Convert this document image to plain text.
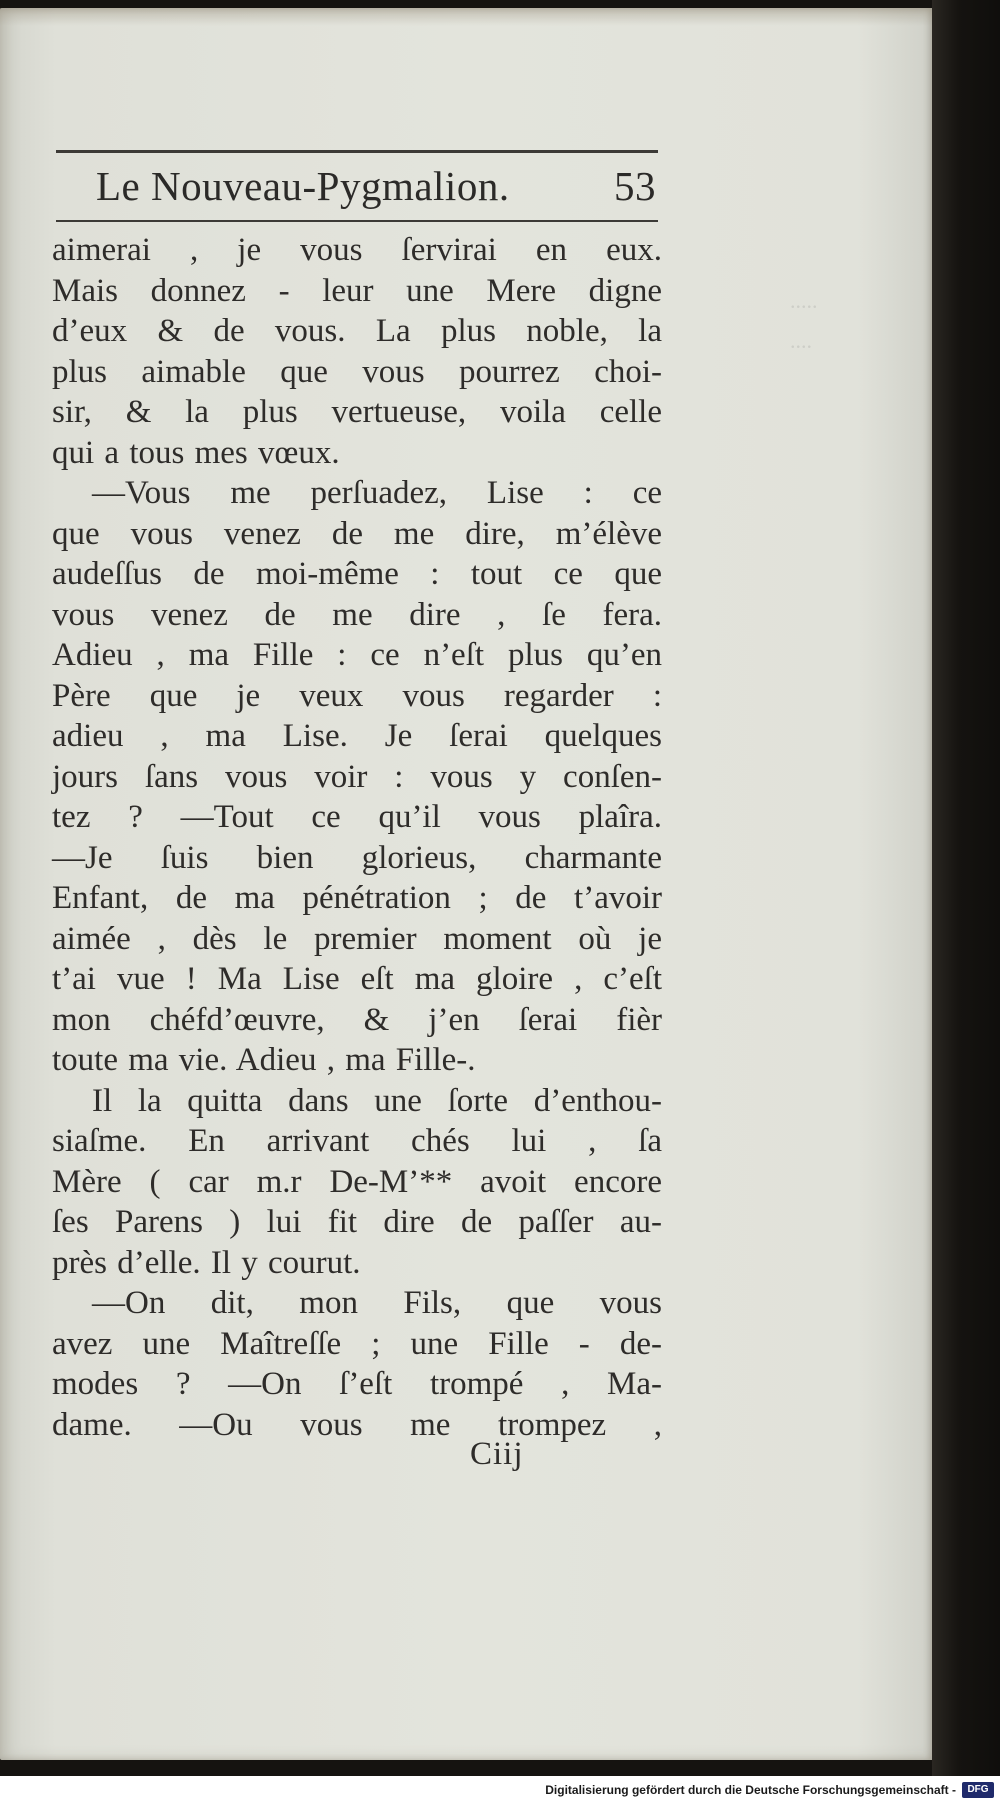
.....
....
Le Nouveau-Pygmalion.	53
aimerai , je vous ſervirai en eux.
Mais donnez - leur une Mere digne
d’eux & de vous. La plus noble, la
plus aimable que vous pourrez choi-
sir, & la plus vertueuse, voila celle
qui a tous mes vœux.
—Vous me perſuadez, Lise : ce
que vous venez de me dire, m’élève
audeſſus de moi-même : tout ce que
vous venez de me dire , ſe fera.
Adieu , ma Fille : ce n’eſt plus qu’en
Père que je veux vous regarder :
adieu , ma Lise. Je ſerai quelques
jours ſans vous voir : vous y conſen-
tez ? —Tout ce qu’il vous plaîra.
—Je ſuis bien glorieus, charmante
Enfant, de ma pénétration ; de t’avoir
aimée , dès le premier moment où je
t’ai vue ! Ma Lise eſt ma gloire , c’eſt
mon chéfd’œuvre, & j’en ſerai fièr
toute ma vie. Adieu , ma Fille-.
Il la quitta dans une ſorte d’enthou-
siaſme. En arrivant chés lui , ſa
Mère ( car m.r De-M’** avoit encore
ſes Parens ) lui fit dire de paſſer au-
près d’elle. Il y courut.
—On dit, mon Fils, que vous
avez une Maîtreſſe ; une Fille - de-
modes ? —On ſ’eſt trompé , Ma-
dame. —Ou vous me trompez ,
Ciij
Digitalisierung gefördert durch die Deutsche Forschungsgemeinschaft -	DFG
